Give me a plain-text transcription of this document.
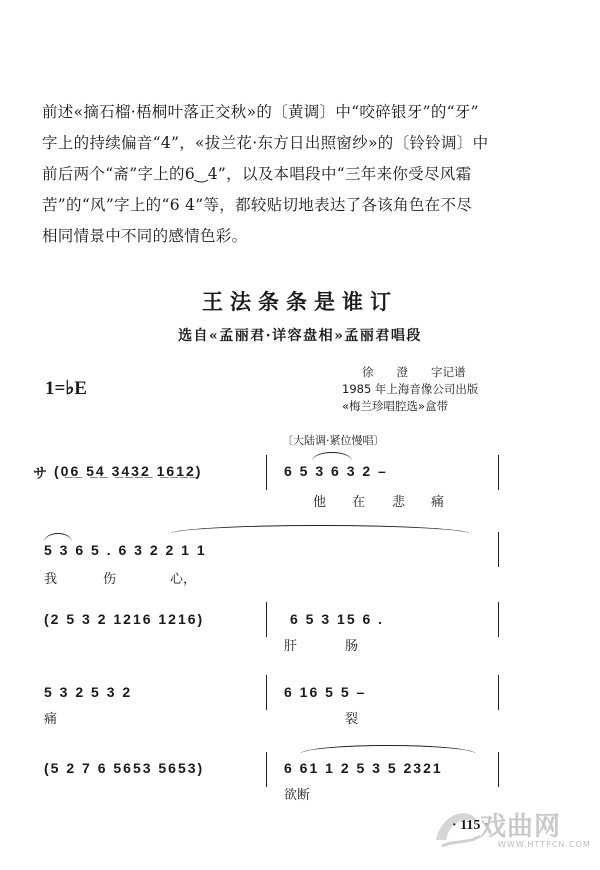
前述«摘石榴·梧桐叶落正交秋»的〔黄调〕中“咬碎银牙”的“牙”

字上的持续偏音“4”，«拔兰花·东方日出照窗纱»的〔铃铃调〕中

前后两个“斋”字上的6‿4”，以及本唱段中“三年来你受尽风霜

苦”的“风”字上的“6 4”等，都较贴切地表达了各该角色在不尽

相同情景中不同的感情色彩。

王法条条是谁订
选自«孟丽君·详容盘相»孟丽君唱段
1=♭E
徐　　澄　　字记谱
1985 年上海音像公司出版
«梅兰珍唱腔选»盒带
〔大陆调·紧位慢唱〕
サ (0̲6̲ 5̲4̲ 3̲4̲3̲2̲ 1̲6̲1̲2̲)	6 5 3 6 3 2 –
他 在 悲 痛
5 3 6 5 . 6 3 2 2 1 1
我	伤	心，
(2 5 3 2 1216 1216)	6 5 3 15 6 .
肝	肠
5 3 2 5 3 2	6 16 5 5 –
痛	裂
(5 2 7 6 5653 5653)	6 61 1 2 5 3 5 2321
欲断
· 115 ·
戏曲网
WWW.HTTPCN.COM
